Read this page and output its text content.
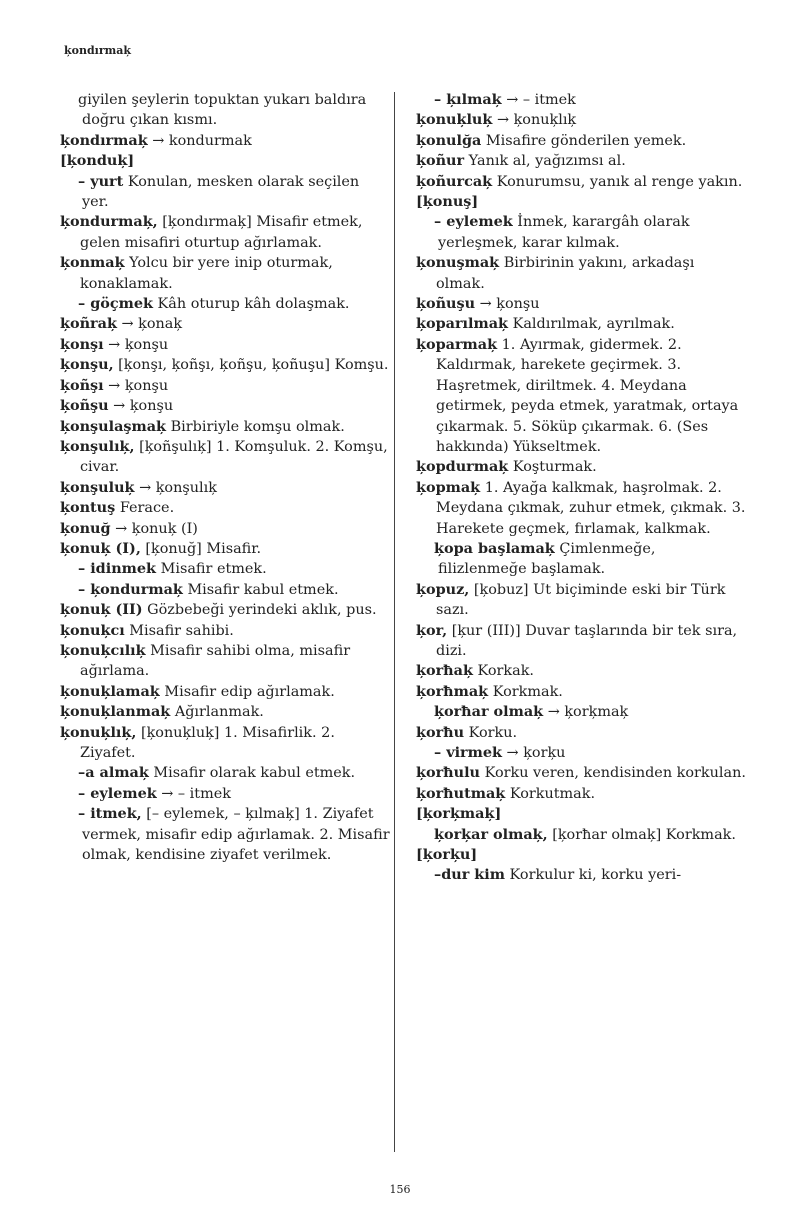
ķondırmaķ

giyilen şeylerin topuktan yukarı baldıra doğru çıkan kısmı.

ķondırmaķ → kondurmak

[ķonduķ]

– yurt Konulan, mesken olarak seçilen yer.

ķondurmaķ, [ķondırmaķ] Misafir etmek, gelen misafiri oturtup ağırlamak.

ķonmaķ Yolcu bir yere inip oturmak, konaklamak.

– göçmek Kâh oturup kâh dolaşmak.

ķoñraķ → ķonaķ

ķonşı → ķonşu

ķonşu, [ķonşı, ķoñşı, ķoñşu, ķoñuşu] Komşu.

ķoñşı → ķonşu

ķoñşu → ķonşu

ķonşulaşmaķ Birbiriyle komşu olmak.

ķonşulıķ, [ķoñşulıķ] 1. Komşuluk. 2. Komşu, civar.

ķonşuluķ → ķonşulıķ

ķontuş Ferace.

ķonuğ → ķonuķ (I)

ķonuķ (I), [ķonuğ] Misafir.

– idinmek Misafir etmek.

– ķondurmaķ Misafir kabul etmek.

ķonuķ (II) Gözbebeği yerindeki aklık, pus.

ķonuķcı Misafir sahibi.

ķonuķcılıķ Misafir sahibi olma, misafir ağırlama.

ķonuķlamaķ Misafir edip ağırlamak.

ķonuķlanmaķ Ağırlanmak.

ķonuķlıķ, [ķonuķluķ] 1. Misafirlik. 2. Ziyafet.

–a almaķ Misafir olarak kabul etmek.

– eylemek → – itmek

– itmek, [– eylemek, – ķılmaķ] 1. Ziyafet vermek, misafir edip ağırlamak. 2. Misafir olmak, kendisine ziyafet verilmek.

– ķılmaķ → – itmek

ķonuķluķ → ķonuķlıķ

ķonulğa Misafire gönderilen yemek.

ķoñur Yanık al, yağızımsı al.

ķoñurcaķ Konurumsu, yanık al renge yakın.

[ķonuş]

– eylemek İnmek, karargâh olarak yerleşmek, karar kılmak.

ķonuşmaķ Birbirinin yakını, arkadaşı olmak.

ķoñuşu → ķonşu

ķoparılmaķ Kaldırılmak, ayrılmak.

ķoparmaķ 1. Ayırmak, gidermek. 2. Kaldırmak, harekete geçirmek. 3. Haşretmek, diriltmek. 4. Meydana getirmek, peyda etmek, yaratmak, ortaya çıkarmak. 5. Söküp çıkarmak. 6. (Ses hakkında) Yükseltmek.

ķopdurmaķ Koşturmak.

ķopmaķ 1. Ayağa kalkmak, haşrolmak. 2. Meydana çıkmak, zuhur etmek, çıkmak. 3. Harekete geçmek, fırlamak, kalkmak.

ķopa başlamaķ Çimlenmeğe, filizlenmeğe başlamak.

ķopuz, [ķobuz] Ut biçiminde eski bir Türk sazı.

ķor, [ķur (III)] Duvar taşlarında bir tek sıra, dizi.

ķorħaķ Korkak.

ķorħmaķ Korkmak.

ķorħar olmaķ → ķorķmaķ

ķorħu Korku.

– virmek → ķorķu

ķorħulu Korku veren, kendisinden korkulan.

ķorħutmaķ Korkutmak.

[ķorķmaķ]

ķorķar olmaķ, [ķorħar olmaķ] Korkmak.

[ķorķu]

–dur kim Korkulur ki, korku yeri-

156
